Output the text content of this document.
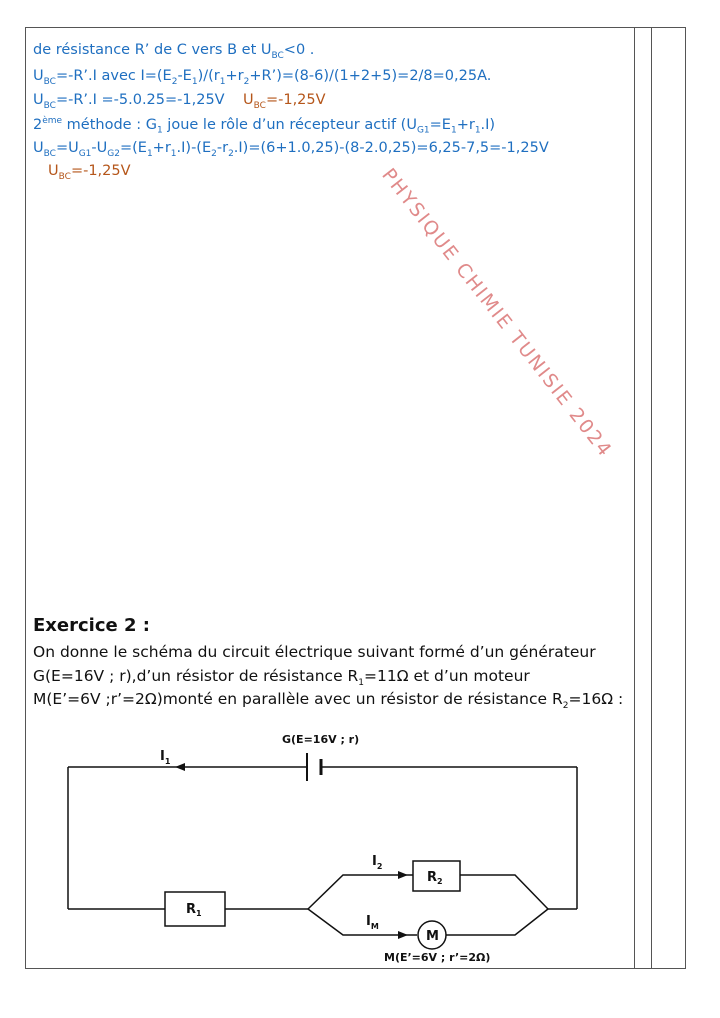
PHYSIQUE CHIMIE TUNISIE 2024
de résistance R’ de C vers B et $U_{BC}<0$ .
$U_{BC}=-R’.I$ avec $I=(E_2-E_1)/(r_1+r_2+R’)=(8-6)/(1+2+5)=2/8=0,25A$.
$U_{BC}=-R’.I =-5.0.25=-1,25V$ $U_{BC}=-1,25V$
2ème méthode : $G_1$ joue le rôle d’un récepteur actif $(U_{G1}=E_1+r_1.I)$
$U_{BC}=U_{G1}-U_{G2}=(E_1+r_1.I)-(E_2-r_2.I)=(6+1.0,25)-(8-2.0,25)=6,25-7,5=-1,25V$
$U_{BC}=-1,25V$
Exercice 2 :
On donne le schéma du circuit électrique suivant formé d’un générateur
G(E=16V ; r),d’un résistor de résistance $R_1=11\Omega$ et d’un moteur
M(E’=6V ;r’=2Ω)monté en parallèle avec un résistor de résistance $R_2=16\Omega$ :
G(E=16V ; r)
$I_1$
$I_2$
$I_M$
$R_1$
$R_2$
M
M(E’=6V ; r’=2Ω)
